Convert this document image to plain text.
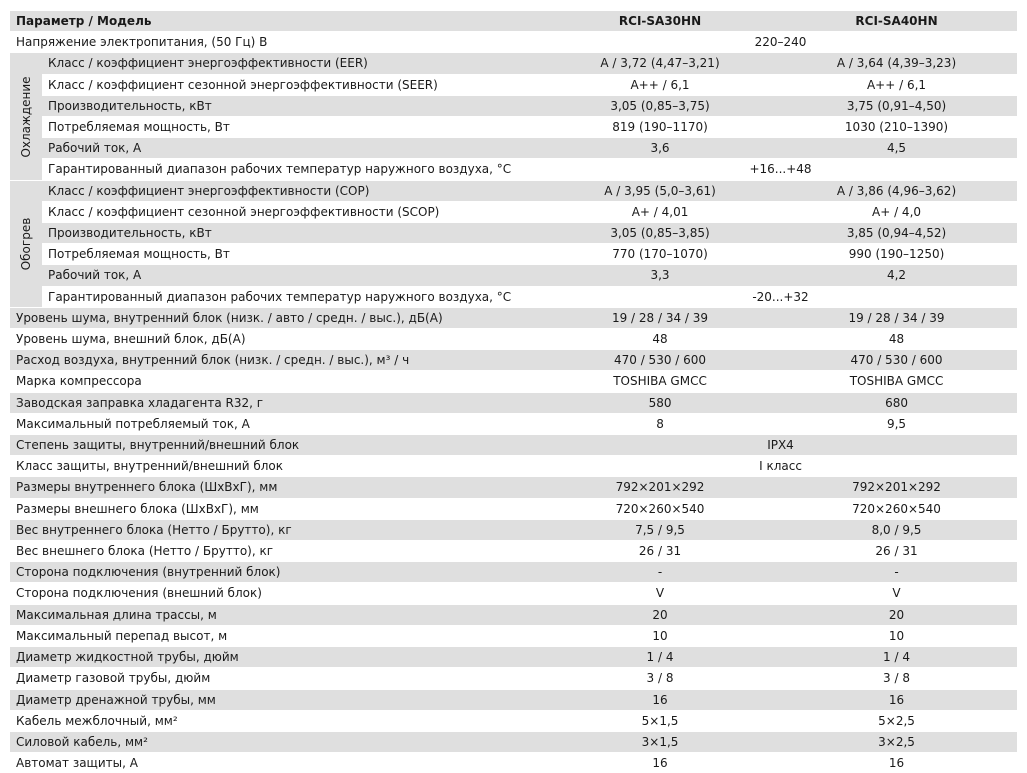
Параметр / Модель		RCI-SA30HN	RCI-SA40HN
Напряжение электропитания, (50 Гц) В		220–240	

Охлаждение	Класс / коэффициент энергоэффективности (EER)	A / 3,72 (4,47–3,21)	A / 3,64 (4,39–3,23)
	Класс / коэффициент сезонной энергоэффективности (SEER)	A++ / 6,1	A++ / 6,1
	Производительность, кВт	3,05 (0,85–3,75)	3,75 (0,91–4,50)
	Потребляемая мощность, Вт	819 (190–1170)	1030 (210–1390)
	Рабочий ток, А	3,6	4,5
	Гарантированный диапазон рабочих температур наружного воздуха, °С	+16...+48	

Обогрев	Класс / коэффициент энергоэффективности (COP)	A / 3,95 (5,0–3,61)	A / 3,86 (4,96–3,62)
	Класс / коэффициент сезонной энергоэффективности (SCOP)	A+ / 4,01	A+ / 4,0
	Производительность, кВт	3,05 (0,85–3,85)	3,85 (0,94–4,52)
	Потребляемая мощность, Вт	770 (170–1070)	990 (190–1250)
	Рабочий ток, А	3,3	4,2
	Гарантированный диапазон рабочих температур наружного воздуха, °С	-20...+32	
Уровень шума, внутренний блок (низк. / авто / средн. / выс.), дБ(А)		19 / 28 / 34 / 39	19 / 28 / 34 / 39
Уровень шума, внешний блок, дБ(А)		48	48
Расход воздуха, внутренний блок (низк. / средн. / выс.), м³ / ч		470 / 530 / 600	470 / 530 / 600
Марка компрессора		TOSHIBA GMCC	TOSHIBA GMCC
Заводская заправка хладагента R32, г		580	680
Максимальный потребляемый ток, А		8	9,5
Степень защиты, внутренний/внешний блок		IPX4	
Класс защиты, внутренний/внешний блок		I класс	
Размеры внутреннего блока (ШхВхГ), мм		792×201×292	792×201×292
Размеры внешнего блока (ШхВхГ), мм		720×260×540	720×260×540
Вес внутреннего блока (Нетто / Брутто), кг		7,5 / 9,5	8,0 / 9,5
Вес внешнего блока (Нетто / Брутто), кг		26 / 31	26 / 31
Сторона подключения (внутренний блок)		-	-
Сторона подключения (внешний блок)		V	V
Максимальная длина трассы, м		20	20
Максимальный перепад высот, м		10	10
Диаметр жидкостной трубы, дюйм		1 / 4	1 / 4
Диаметр газовой трубы, дюйм		3 / 8	3 / 8
Диаметр дренажной трубы, мм		16	16
Кабель межблочный, мм²		5×1,5	5×2,5
Силовой кабель, мм²		3×1,5	3×2,5
Автомат защиты, А		16	16
